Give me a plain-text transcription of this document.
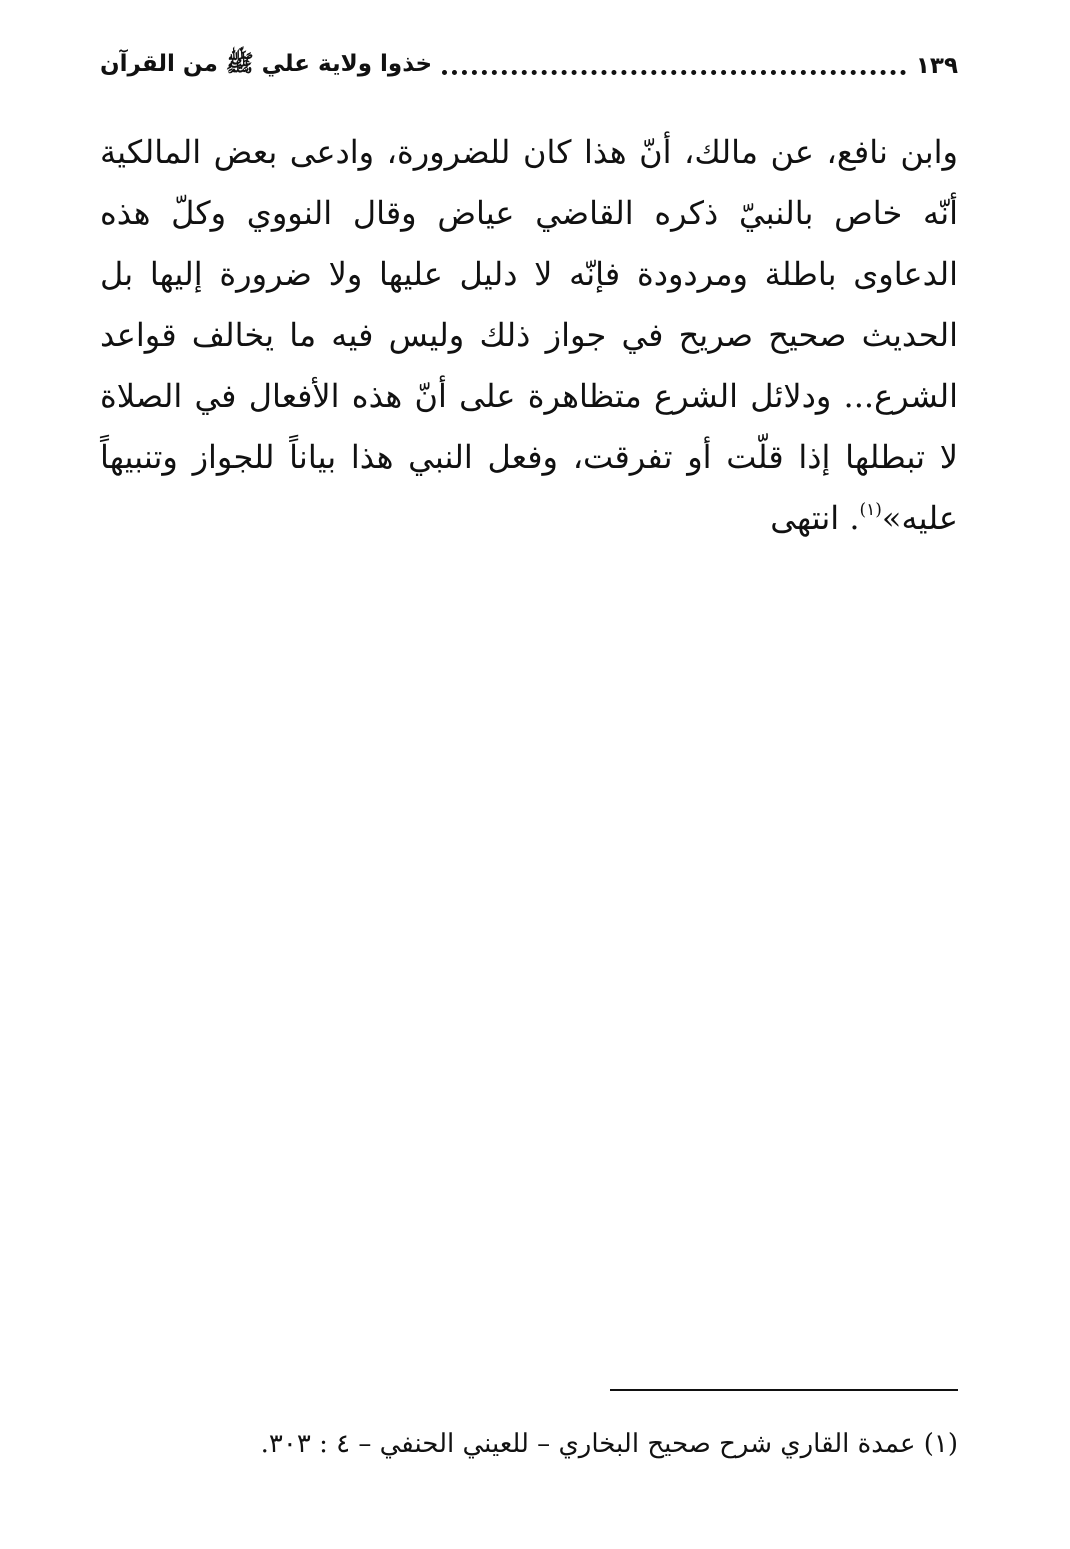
١٣٩
خذوا ولاية علي ﷺ من القرآن

وابن نافع، عن مالك، أنّ هذا كان للضرورة، وادعى بعض المالكية أنّه خاص بالنبيّ ذكره القاضي عياض وقال النووي وكلّ هذه الدعاوى باطلة ومردودة فإنّه لا دليل عليها ولا ضرورة إليها بل الحديث صحيح صريح في جواز ذلك وليس فيه ما يخالف قواعد الشرع... ودلائل الشرع متظاهرة على أنّ هذه الأفعال في الصلاة لا تبطلها إذا قلّت أو تفرقت، وفعل النبي هذا بياناً للجواز وتنبيهاً عليه»$^{(١)}$. انتهى

(١) عمدة القاري شرح صحيح البخاري – للعيني الحنفي – ٤ : ٣٠٣.
